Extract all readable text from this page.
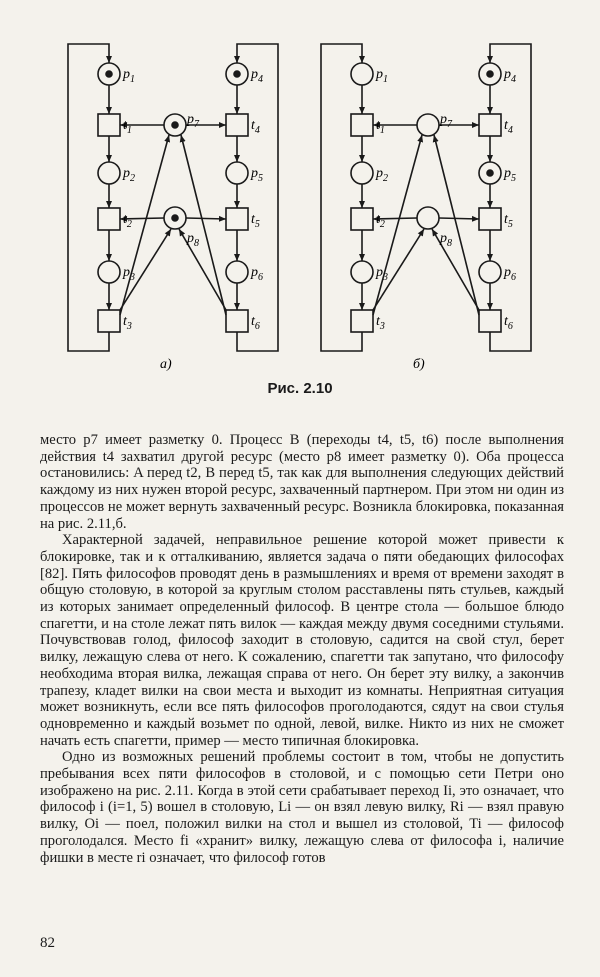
$t_1$
$t_2$
$t_3$
$t_4$
$t_5$
$t_6$
$p_1$
$p_2$
$p_3$
$p_4$
$p_5$
$p_6$
$p_7$
$p_8$
а)
$t_1$
$t_2$
$t_3$
$t_4$
$t_5$
$t_6$
$p_1$
$p_2$
$p_3$
$p_4$
$p_5$
$p_6$
$p_7$
$p_8$
б)
Рис. 2.10

место p7 имеет разметку 0. Процесс B (переходы t4, t5, t6) после выполнения действия t4 захватил другой ресурс (место p8 имеет разметку 0). Оба процесса остановились: A перед t2, B перед t5, так как для выполнения следующих действий каждому из них нужен второй ресурс, захваченный партнером. При этом ни один из процессов не может вернуть захваченный ресурс. Возникла блокировка, показанная на рис. 2.11,б.

Характерной задачей, неправильное решение которой может привести к блокировке, так и к отталкиванию, является задача о пяти обедающих философах [82]. Пять философов проводят день в размышлениях и время от времени заходят в общую столовую, в которой за круглым столом расставлены пять стульев, каждый из которых занимает определенный философ. В центре стола — большое блюдо спагетти, и на столе лежат пять вилок — каждая между двумя соседними стульями. Почувствовав голод, философ заходит в столовую, садится на свой стул, берет вилку, лежащую слева от него. К сожалению, спагетти так запутано, что философу необходима вторая вилка, лежащая справа от него. Он берет эту вилку, а закончив трапезу, кладет вилки на свои места и выходит из комнаты. Неприятная ситуация может возникнуть, если все пять философов проголодаются, сядут на свои стулья одновременно и каждый возьмет по одной, левой, вилке. Никто из них не сможет начать есть спагетти, пример — место типичная блокировка.

Одно из возможных решений проблемы состоит в том, чтобы не допустить пребывания всех пяти философов в столовой, и с помощью сети Петри оно изображено на рис. 2.11. Когда в этой сети срабатывает переход Ii, это означает, что философ i (i=1, 5) вошел в столовую, Li — он взял левую вилку, Ri — взял правую вилку, Oi — поел, положил вилки на стол и вышел из столовой, Ti — философ проголодался. Место fi «хранит» вилку, лежащую слева от философа i, наличие фишки в месте ri означает, что философ готов

82
